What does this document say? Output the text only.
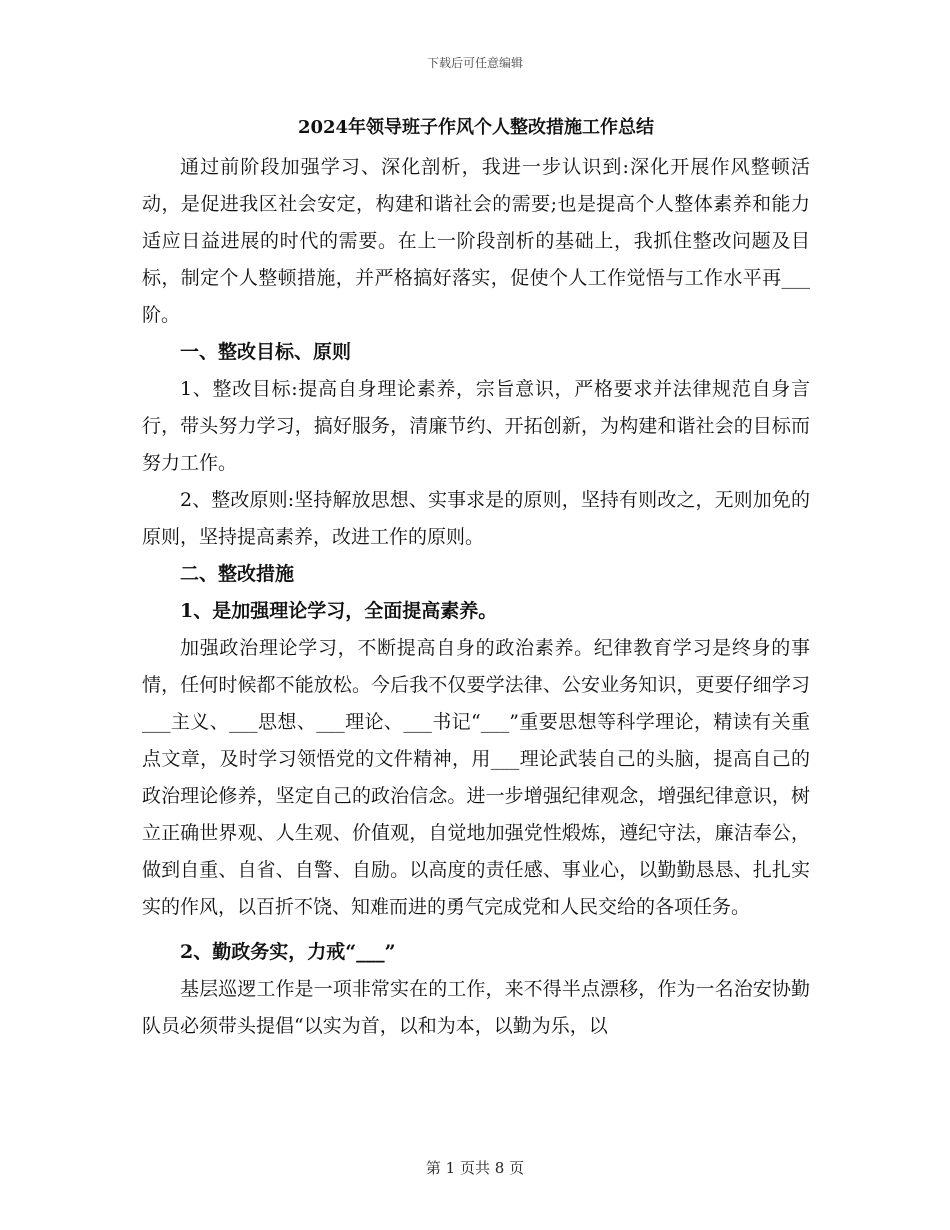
下载后可任意编辑
2024年领导班子作风个人整改措施工作总结

通过前阶段加强学习、深化剖析，我进一步认识到:深化开展作风整顿活动，是促进我区社会安定，构建和谐社会的需要;也是提高个人整体素养和能力适应日益进展的时代的需要。在上一阶段剖析的基础上，我抓住整改问题及目标，制定个人整顿措施，并严格搞好落实，促使个人工作觉悟与工作水平再___阶。

一、整改目标、原则

1、整改目标:提高自身理论素养，宗旨意识，严格要求并法律规范自身言行，带头努力学习，搞好服务，清廉节约、开拓创新，为构建和谐社会的目标而努力工作。

2、整改原则:坚持解放思想、实事求是的原则，坚持有则改之，无则加免的原则，坚持提高素养，改进工作的原则。

二、整改措施

1、是加强理论学习，全面提高素养。

加强政治理论学习，不断提高自身的政治素养。纪律教育学习是终身的事情，任何时候都不能放松。今后我不仅要学法律、公安业务知识，更要仔细学习___主义、___思想、___理论、___书记“___”重要思想等科学理论，精读有关重点文章，及时学习领悟党的文件精神，用___理论武装自己的头脑，提高自己的政治理论修养，坚定自己的政治信念。进一步增强纪律观念，增强纪律意识，树立正确世界观、人生观、价值观，自觉地加强党性煅炼，遵纪守法，廉洁奉公，做到自重、自省、自警、自励。以高度的责任感、事业心，以勤勤恳恳、扎扎实实的作风，以百折不饶、知难而进的勇气完成党和人民交给的各项任务。

2、勤政务实，力戒“___”

基层巡逻工作是一项非常实在的工作，来不得半点漂移，作为一名治安协勤队员必须带头提倡“以实为首，以和为本，以勤为乐，以

第 1 页共 8 页
